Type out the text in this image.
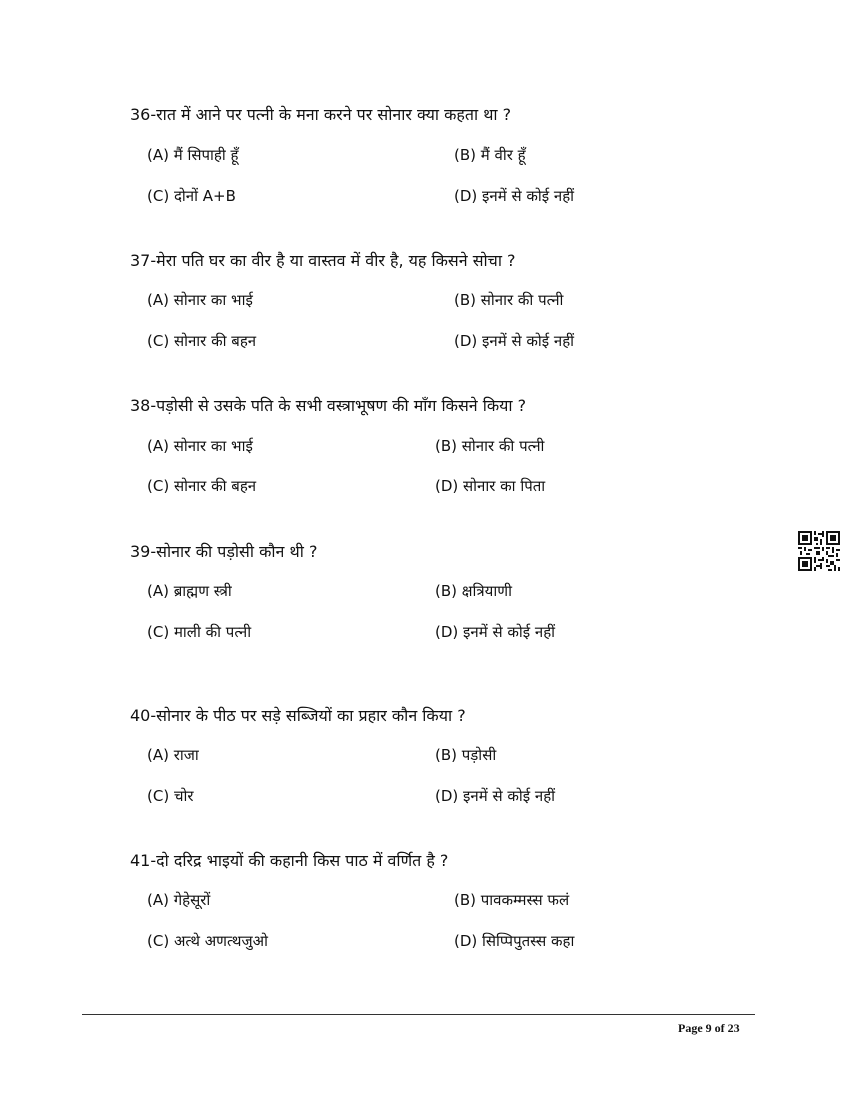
36-रात में आने पर पत्नी के मना करने पर सोनार क्या कहता था ?
(A) मैं सिपाही हूँ	(B) मैं वीर हूँ
(C) दोनों A+B	(D) इनमें से कोई नहीं
37-मेरा पति घर का वीर है या वास्तव में वीर है, यह किसने सोचा ?
(A) सोनार का भाई	(B) सोनार की पत्नी
(C) सोनार की बहन	(D) इनमें से कोई नहीं
38-पड़ोसी से उसके पति के सभी वस्त्राभूषण की माँग किसने किया ?
(A) सोनार का भाई	(B) सोनार की पत्नी
(C) सोनार की बहन	(D) सोनार का पिता
39-सोनार की पड़ोसी कौन थी ?
(A) ब्राह्मण स्त्री	(B) क्षत्रियाणी
(C) माली की पत्नी	(D) इनमें से कोई नहीं
40-सोनार के पीठ पर सड़े सब्जियों का प्रहार कौन किया ?
(A) राजा	(B) पड़ोसी
(C) चोर	(D) इनमें से कोई नहीं
41-दो दरिद्र भाइयों की कहानी किस पाठ में वर्णित है ?
(A) गेहेसूरों	(B) पावकम्मस्स फलं
(C) अत्थे अणत्थजुओ	(D) सिप्पिपुतस्स कहा
Page 9 of 23
